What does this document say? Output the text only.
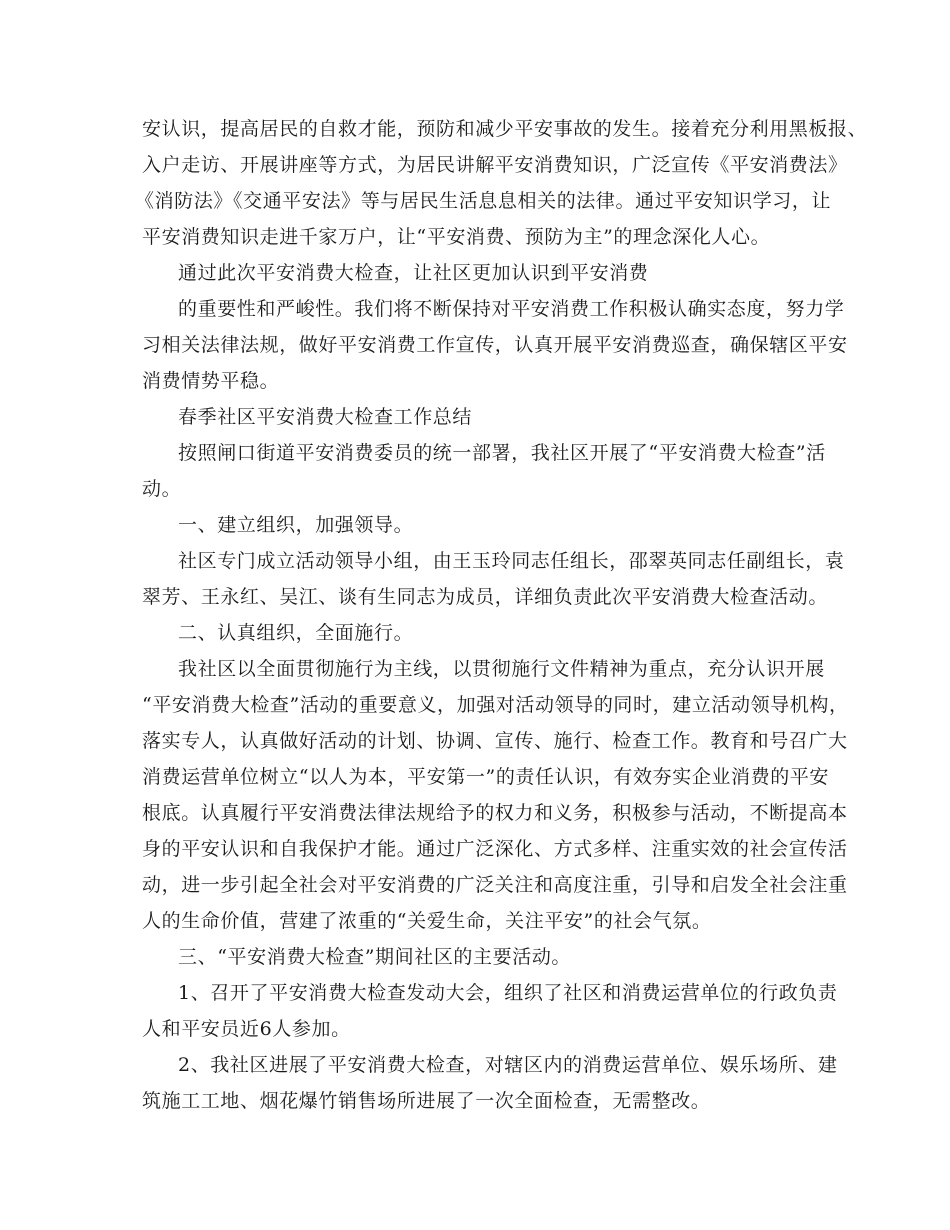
安认识，提高居民的自救才能，预防和减少平安事故的发生。接着充分利用黑板报、
入户走访、开展讲座等方式，为居民讲解平安消费知识，广泛宣传《平安消费法》
《消防法》《交通平安法》等与居民生活息息相关的法律。通过平安知识学习，让
平安消费知识走进千家万户，让“平安消费、预防为主”的理念深化人心。
通过此次平安消费大检查，让社区更加认识到平安消费
的重要性和严峻性。我们将不断保持对平安消费工作积极认确实态度，努力学
习相关法律法规，做好平安消费工作宣传，认真开展平安消费巡查，确保辖区平安
消费情势平稳。
春季社区平安消费大检查工作总结
按照闸口街道平安消费委员的统一部署，我社区开展了“平安消费大检查”活
动。
一、建立组织，加强领导。
社区专门成立活动领导小组，由王玉玲同志任组长，邵翠英同志任副组长，袁
翠芳、王永红、吴江、谈有生同志为成员，详细负责此次平安消费大检查活动。
二、认真组织，全面施行。
我社区以全面贯彻施行为主线，以贯彻施行文件精神为重点，充分认识开展
“平安消费大检查”活动的重要意义，加强对活动领导的同时，建立活动领导机构，
落实专人，认真做好活动的计划、协调、宣传、施行、检查工作。教育和号召广大
消费运营单位树立“以人为本，平安第一”的责任认识，有效夯实企业消费的平安
根底。认真履行平安消费法律法规给予的权力和义务，积极参与活动，不断提高本
身的平安认识和自我保护才能。通过广泛深化、方式多样、注重实效的社会宣传活
动，进一步引起全社会对平安消费的广泛关注和高度注重，引导和启发全社会注重
人的生命价值，营建了浓重的“关爱生命，关注平安”的社会气氛。
三、“平安消费大检查”期间社区的主要活动。
1、召开了平安消费大检查发动大会，组织了社区和消费运营单位的行政负责
人和平安员近6人参加。
2、我社区进展了平安消费大检查，对辖区内的消费运营单位、娱乐场所、建
筑施工工地、烟花爆竹销售场所进展了一次全面检查，无需整改。
